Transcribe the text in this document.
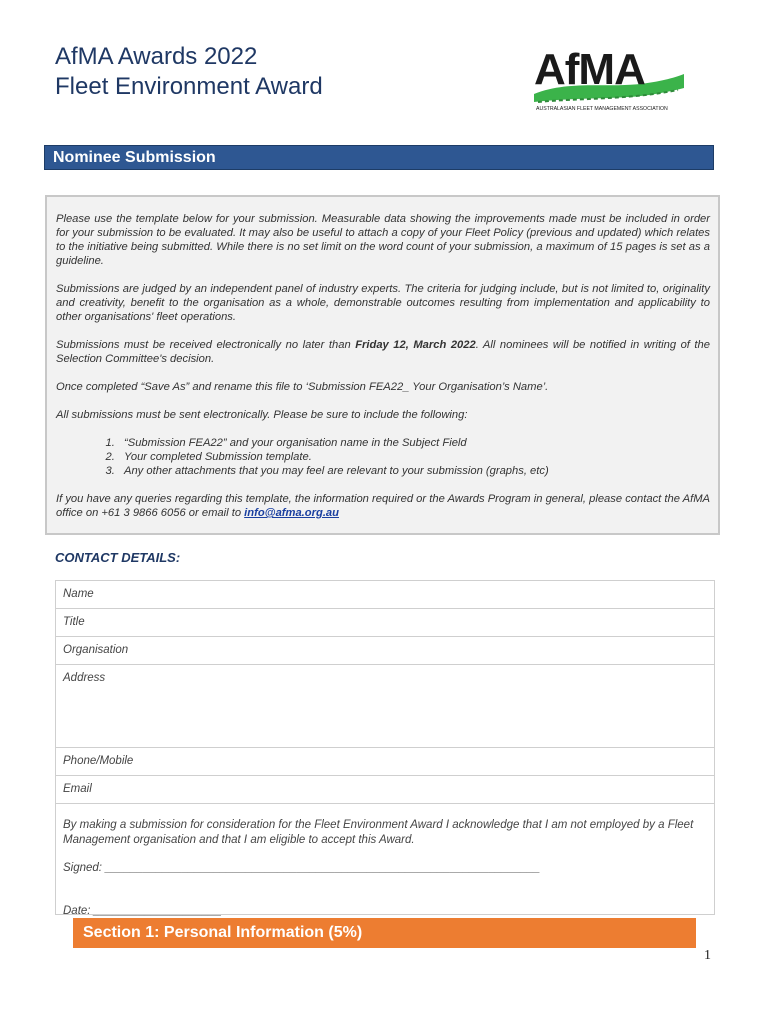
AfMA Awards 2022
Fleet Environment Award	AfMA
AUSTRALASIAN FLEET MANAGEMENT ASSOCIATION
Nominee Submission

Please use the template below for your submission. Measurable data showing the improvements made must be included in order for your submission to be evaluated. It may also be useful to attach a copy of your Fleet Policy (previous and updated) which relates to the initiative being submitted. While there is no set limit on the word count of your submission, a maximum of 15 pages is set as a guideline.

Submissions are judged by an independent panel of industry experts. The criteria for judging include, but is not limited to, originality and creativity, benefit to the organisation as a whole, demonstrable outcomes resulting from implementation and applicability to other organisations' fleet operations.

Submissions must be received electronically no later than Friday 12, March 2022. All nominees will be notified in writing of the Selection Committee's decision.

Once completed “Save As” and rename this file to ‘Submission FEA22_ Your Organisation’s Name’.

All submissions must be sent electronically. Please be sure to include the following:

1. “Submission FEA22” and your organisation name in the Subject Field
2. Your completed Submission template.
3. Any other attachments that you may feel are relevant to your submission (graphs, etc)

If you have any queries regarding this template, the information required or the Awards Program in general, please contact the AfMA office on +61 3 9866 6056 or email to info@afma.org.au

CONTACT DETAILS:
Name
Title
Organisation
Address
Phone/Mobile
Email

By making a submission for consideration for the Fleet Environment Award I acknowledge that I am not employed by a Fleet Management organisation and that I am eligible to accept this Award.

Signed: ____________________________________________________________________

Date: ____________________

Section 1: Personal Information (5%)
1
